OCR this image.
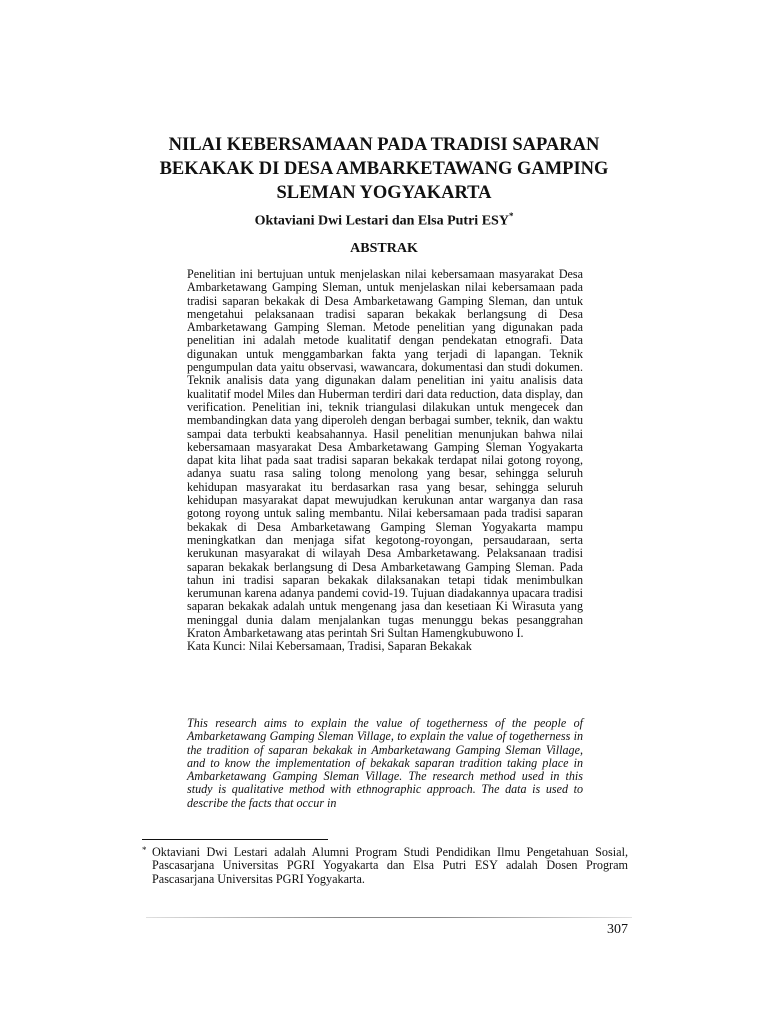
NILAI KEBERSAMAAN PADA TRADISI SAPARAN
BEKAKAK DI DESA AMBARKETAWANG GAMPING
SLEMAN YOGYAKARTA
Oktaviani Dwi Lestari dan Elsa Putri ESY*
ABSTRAK

Penelitian ini bertujuan untuk menjelaskan nilai kebersamaan masyarakat Desa Ambarketawang Gamping Sleman, untuk menjelaskan nilai kebersamaan pada tradisi saparan bekakak di Desa Ambarketawang Gamping Sleman, dan untuk mengetahui pelaksanaan tradisi saparan bekakak berlangsung di Desa Ambarketawang Gamping Sleman. Metode penelitian yang digunakan pada penelitian ini adalah metode kualitatif dengan pendekatan etnografi. Data digunakan untuk menggambarkan fakta yang terjadi di lapangan. Teknik pengumpulan data yaitu observasi, wawancara, dokumentasi dan studi dokumen. Teknik analisis data yang digunakan dalam penelitian ini yaitu analisis data kualitatif model Miles dan Huberman terdiri dari data reduction, data display, dan verification. Penelitian ini, teknik triangulasi dilakukan untuk mengecek dan membandingkan data yang diperoleh dengan berbagai sumber, teknik, dan waktu sampai data terbukti keabsahannya. Hasil penelitian menunjukan bahwa nilai kebersamaan masyarakat Desa Ambarketawang Gamping Sleman Yogyakarta dapat kita lihat pada saat tradisi saparan bekakak terdapat nilai gotong royong, adanya suatu rasa saling tolong menolong yang besar, sehingga seluruh kehidupan masyarakat itu berdasarkan rasa yang besar, sehingga seluruh kehidupan masyarakat dapat mewujudkan kerukunan antar warganya dan rasa gotong royong untuk saling membantu. Nilai kebersamaan pada tradisi saparan bekakak di Desa Ambarketawang Gamping Sleman Yogyakarta mampu meningkatkan dan menjaga sifat kegotong-royongan, persaudaraan, serta kerukunan masyarakat di wilayah Desa Ambarketawang. Pelaksanaan tradisi saparan bekakak berlangsung di Desa Ambarketawang Gamping Sleman. Pada tahun ini tradisi saparan bekakak dilaksanakan tetapi tidak menimbulkan kerumunan karena adanya pandemi covid-19. Tujuan diadakannya upacara tradisi saparan bekakak adalah untuk mengenang jasa dan kesetiaan Ki Wirasuta yang meninggal dunia dalam menjalankan tugas menunggu bekas pesanggrahan Kraton Ambarketawang atas perintah Sri Sultan Hamengkubuwono I.

Kata Kunci: Nilai Kebersamaan, Tradisi, Saparan Bekakak

This research aims to explain the value of togetherness of the people of Ambarketawang Gamping Sleman Village, to explain the value of togetherness in the tradition of saparan bekakak in Ambarketawang Gamping Sleman Village, and to know the implementation of bekakak saparan tradition taking place in Ambarketawang Gamping Sleman Village. The research method used in this study is qualitative method with ethnographic approach. The data is used to describe the facts that occur in
* Oktaviani Dwi Lestari adalah Alumni Program Studi Pendidikan Ilmu Pengetahuan Sosial, Pascasarjana Universitas PGRI Yogyakarta dan Elsa Putri ESY adalah Dosen Program Pascasarjana Universitas PGRI Yogyakarta.
307
